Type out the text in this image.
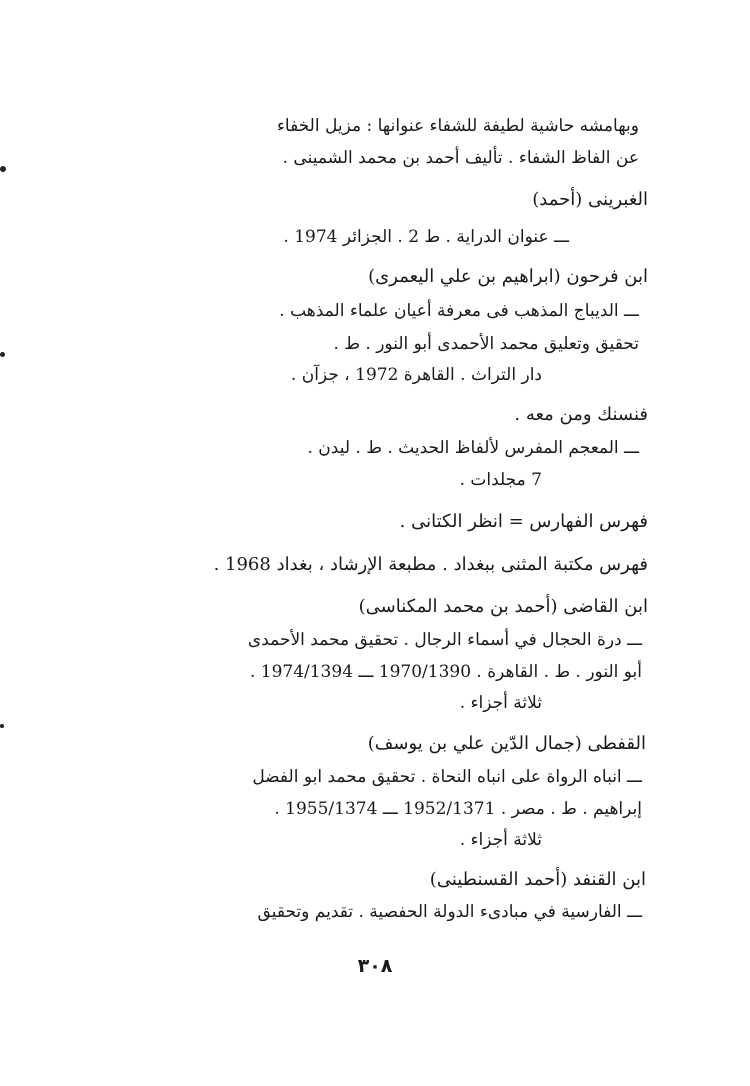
وبهامشه حاشية لطيفة للشفاء عنوانها : مزيل الخفاء
عن الفاظ الشفاء . تأليف أحمد بن محمد الشمينى .
الغبرينى (أحمد)
ـــ عنوان الدراية . ط 2 . الجزائر 1974 .
ابن فرحون (ابراهيم بن علي اليعمرى)
ـــ الديباج المذهب فى معرفة أعيان علماء المذهب .
تحقيق وتعليق محمد الأحمدى أبو النور . ط .
دار التراث . القاهرة 1972 ، جزآن .
فنسنك ومن معه .
ـــ المعجم المفرس لألفاظ الحديث . ط . ليدن .
7 مجلدات .
فهرس الفهارس = انظر الكتانى .
فهرس مكتبة المثنى ببغداد . مطبعة الإرشاد ، بغداد 1968 .
ابن القاضى (أحمد بن محمد المكناسى)
ـــ درة الحجال في أسماء الرجال . تحقيق محمد الأحمدى
أبو النور . ط . القاهرة . 1970/1390 ـــ 1974/1394 .
ثلاثة أجزاء .
القفطى (جمال الدّين علي بن يوسف)
ـــ انباه الرواة على انباه النحاة . تحقيق محمد ابو الفضل
إبراهيم . ط . مصر . 1952/1371 ـــ 1955/1374 .
ثلاثة أجزاء .
ابن القنفد (أحمد القسنطينى)
ـــ الفارسية في مبادىء الدولة الحفصية . تقديم وتحقيق
٣٠٨
